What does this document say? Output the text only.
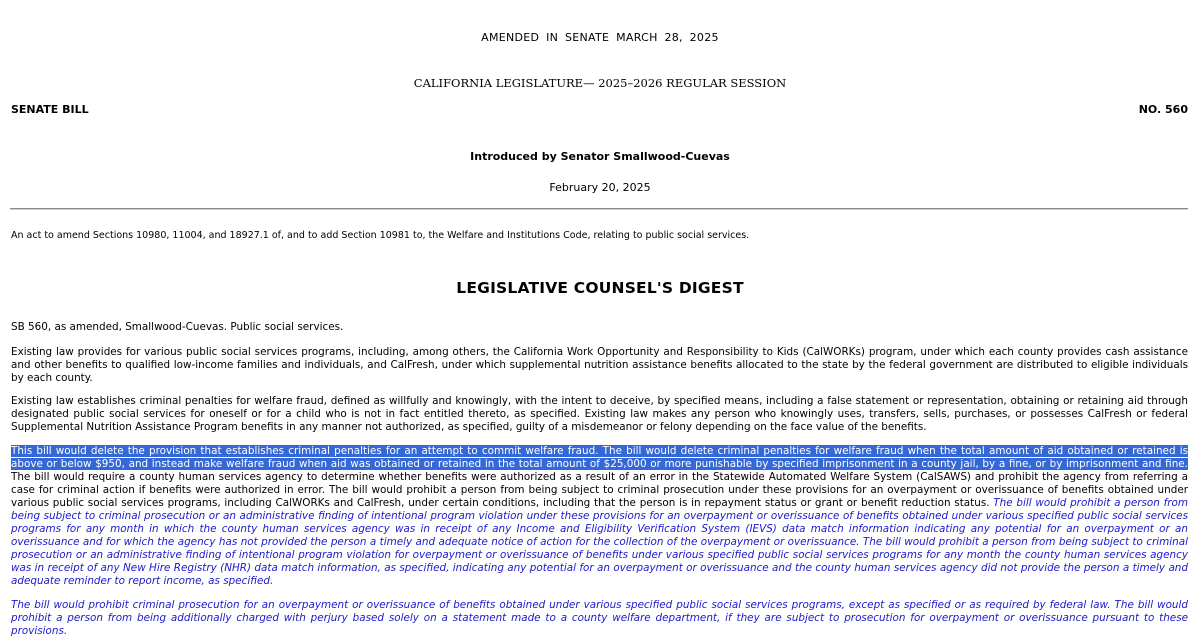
AMENDED IN SENATE MARCH 28, 2025
CALIFORNIA LEGISLATURE— 2025–2026 REGULAR SESSION
SENATE BILL	NO. 560
Introduced by Senator Smallwood-Cuevas
February 20, 2025
An act to amend Sections 10980, 11004, and 18927.1 of, and to add Section 10981 to, the Welfare and Institutions Code, relating to public social services.
LEGISLATIVE COUNSEL'S DIGEST
SB 560, as amended, Smallwood-Cuevas. Public social services.
Existing law provides for various public social services programs, including, among others, the California Work Opportunity and Responsibility to Kids (CalWORKs) program, under which each county provides cash assistance and other benefits to qualified low-income families and individuals, and CalFresh, under which supplemental nutrition assistance benefits allocated to the state by the federal government are distributed to eligible individuals by each county.
Existing law establishes criminal penalties for welfare fraud, defined as willfully and knowingly, with the intent to deceive, by specified means, including a false statement or representation, obtaining or retaining aid through designated public social services for oneself or for a child who is not in fact entitled thereto, as specified. Existing law makes any person who knowingly uses, transfers, sells, purchases, or possesses CalFresh or federal Supplemental Nutrition Assistance Program benefits in any manner not authorized, as specified, guilty of a misdemeanor or felony depending on the face value of the benefits.
This bill would delete the provision that establishes criminal penalties for an attempt to commit welfare fraud. The bill would delete criminal penalties for welfare fraud when the total amount of aid obtained or retained is above or below $950, and instead make welfare fraud when aid was obtained or retained in the total amount of $25,000 or more punishable by specified imprisonment in a county jail, by a fine, or by imprisonment and fine. The bill would require a county human services agency to determine whether benefits were authorized as a result of an error in the Statewide Automated Welfare System (CalSAWS) and prohibit the agency from referring a case for criminal action if benefits were authorized in error. The bill would prohibit a person from being subject to criminal prosecution under these provisions for an overpayment or overissuance of benefits obtained under various public social services programs, including CalWORKs and CalFresh, under certain conditions, including that the person is in repayment status or grant or benefit reduction status. The bill would prohibit a person from being subject to criminal prosecution or an administrative finding of intentional program violation under these provisions for an overpayment or overissuance of benefits obtained under various specified public social services programs for any month in which the county human services agency was in receipt of any Income and Eligibility Verification System (IEVS) data match information indicating any potential for an overpayment or an overissuance and for which the agency has not provided the person a timely and adequate notice of action for the collection of the overpayment or overissuance. The bill would prohibit a person from being subject to criminal prosecution or an administrative finding of intentional program violation for overpayment or overissuance of benefits under various specified public social services programs for any month the county human services agency was in receipt of any New Hire Registry (NHR) data match information, as specified, indicating any potential for an overpayment or overissuance and the county human services agency did not provide the person a timely and adequate reminder to report income, as specified.
The bill would prohibit criminal prosecution for an overpayment or overissuance of benefits obtained under various specified public social services programs, except as specified or as required by federal law. The bill would prohibit a person from being additionally charged with perjury based solely on a statement made to a county welfare department, if they are subject to prosecution for overpayment or overissuance pursuant to these provisions.
